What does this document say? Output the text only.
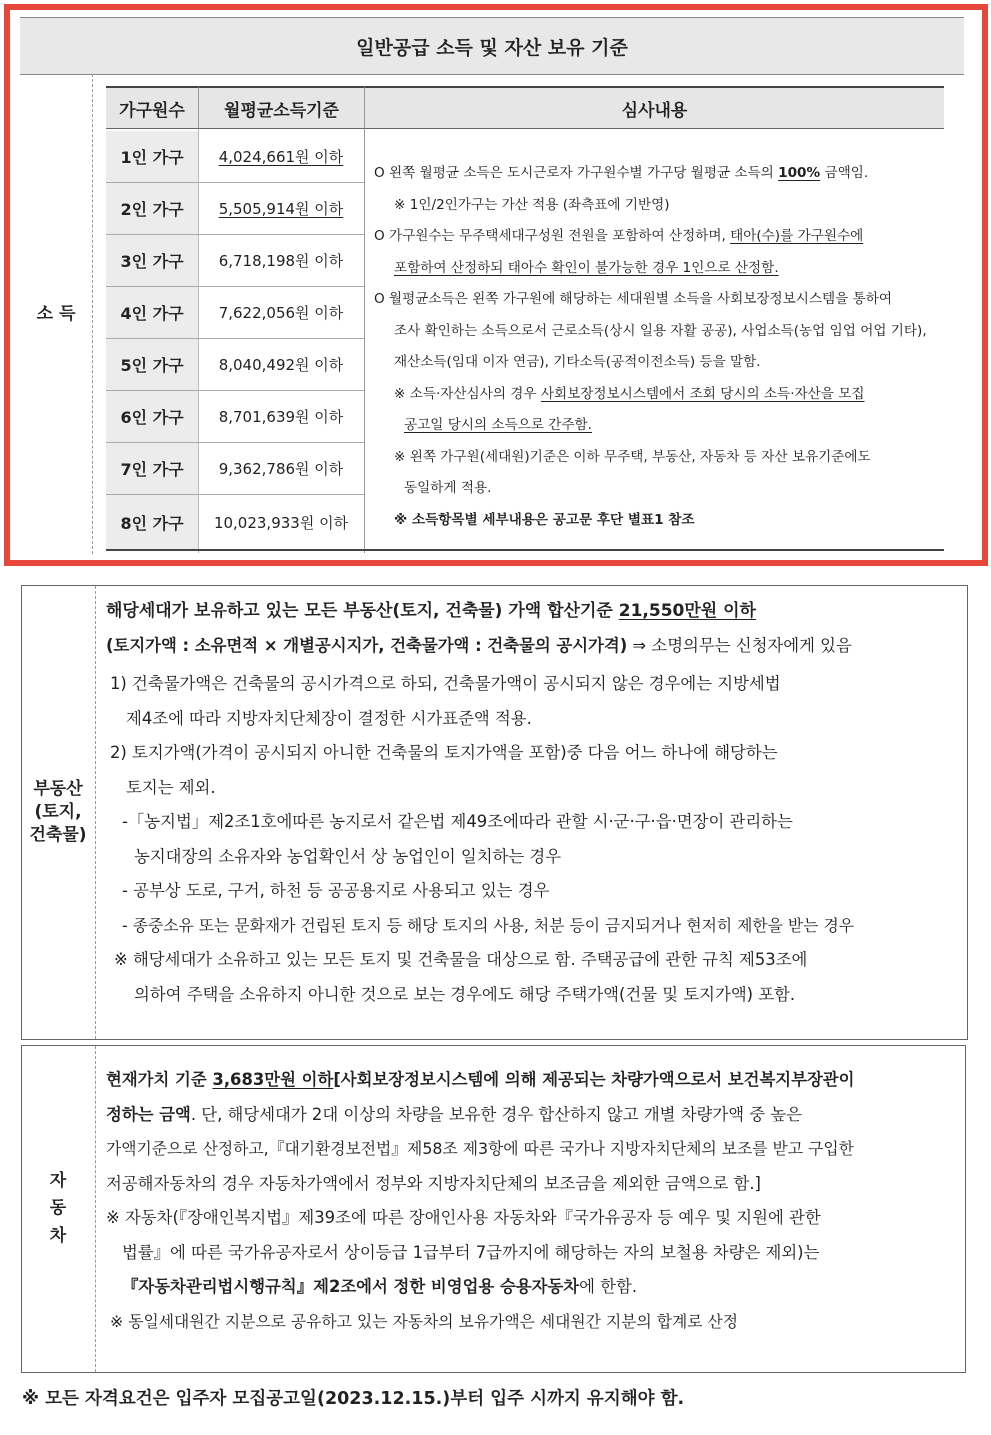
일반공급 소득 및 자산 보유 기준
소 득
가구원수	월평균소득기준	심사내용
1인 가구	4,024,661원 이하
2인 가구	5,505,914원 이하
3인 가구	6,718,198원 이하
4인 가구	7,622,056원 이하
5인 가구	8,040,492원 이하
6인 가구	8,701,639원 이하
7인 가구	9,362,786원 이하
8인 가구	10,023,933원 이하

O 왼쪽 월평균 소득은 도시근로자 가구원수별 가구당 월평균 소득의 100% 금액임.

※ 1인/2인가구는 가산 적용 (좌측표에 기반영)

O 가구원수는 무주택세대구성원 전원을 포함하여 산정하며, 태아(수)를 가구원수에

포함하여 산정하되 태아수 확인이 불가능한 경우 1인으로 산정함.

O 월평균소득은 왼쪽 가구원에 해당하는 세대원별 소득을 사회보장정보시스템을 통하여

조사 확인하는 소득으로서 근로소득(상시 일용 자활 공공), 사업소득(농업 임업 어업 기타),

재산소득(임대 이자 연금), 기타소득(공적이전소득) 등을 말함.

※ 소득·자산심사의 경우 사회보장정보시스템에서 조회 당시의 소득·자산을 모집

공고일 당시의 소득으로 간주함.

※ 왼쪽 가구원(세대원)기준은 이하 무주택, 부동산, 자동차 등 자산 보유기준에도

동일하게 적용.

※ 소득항목별 세부내용은 공고문 후단 별표1 참조

부동산
(토지,
건축물)

해당세대가 보유하고 있는 모든 부동산(토지, 건축물) 가액 합산기준 21,550만원 이하

(토지가액 : 소유면적 × 개별공시지가, 건축물가액 : 건축물의 공시가격) ⇒ 소명의무는 신청자에게 있음

1) 건축물가액은 건축물의 공시가격으로 하되, 건축물가액이 공시되지 않은 경우에는 지방세법

제4조에 따라 지방자치단체장이 결정한 시가표준액 적용.

2) 토지가액(가격이 공시되지 아니한 건축물의 토지가액을 포함)중 다음 어느 하나에 해당하는

토지는 제외.

-「농지법」제2조1호에따른 농지로서 같은법 제49조에따라 관할 시·군·구·읍·면장이 관리하는

농지대장의 소유자와 농업확인서 상 농업인이 일치하는 경우

- 공부상 도로, 구거, 하천 등 공공용지로 사용되고 있는 경우

- 종중소유 또는 문화재가 건립된 토지 등 해당 토지의 사용, 처분 등이 금지되거나 현저히 제한을 받는 경우

※ 해당세대가 소유하고 있는 모든 토지 및 건축물을 대상으로 함. 주택공급에 관한 규칙 제53조에

의하여 주택을 소유하지 아니한 것으로 보는 경우에도 해당 주택가액(건물 및 토지가액) 포함.

자
동
차

현재가치 기준 3,683만원 이하[사회보장정보시스템에 의해 제공되는 차량가액으로서 보건복지부장관이

정하는 금액. 단, 해당세대가 2대 이상의 차량을 보유한 경우 합산하지 않고 개별 차량가액 중 높은

가액기준으로 산정하고,『대기환경보전법』제58조 제3항에 따른 국가나 지방자치단체의 보조를 받고 구입한

저공해자동차의 경우 자동차가액에서 정부와 지방자치단체의 보조금을 제외한 금액으로 함.]

※ 자동차(『장애인복지법』제39조에 따른 장애인사용 자동차와『국가유공자 등 예우 및 지원에 관한

법률』에 따른 국가유공자로서 상이등급 1급부터 7급까지에 해당하는 자의 보철용 차량은 제외)는

『자동차관리법시행규칙』제2조에서 정한 비영업용 승용자동차에 한함.

※ 동일세대원간 지분으로 공유하고 있는 자동차의 보유가액은 세대원간 지분의 합계로 산정

※ 모든 자격요건은 입주자 모집공고일(2023.12.15.)부터 입주 시까지 유지해야 함.
